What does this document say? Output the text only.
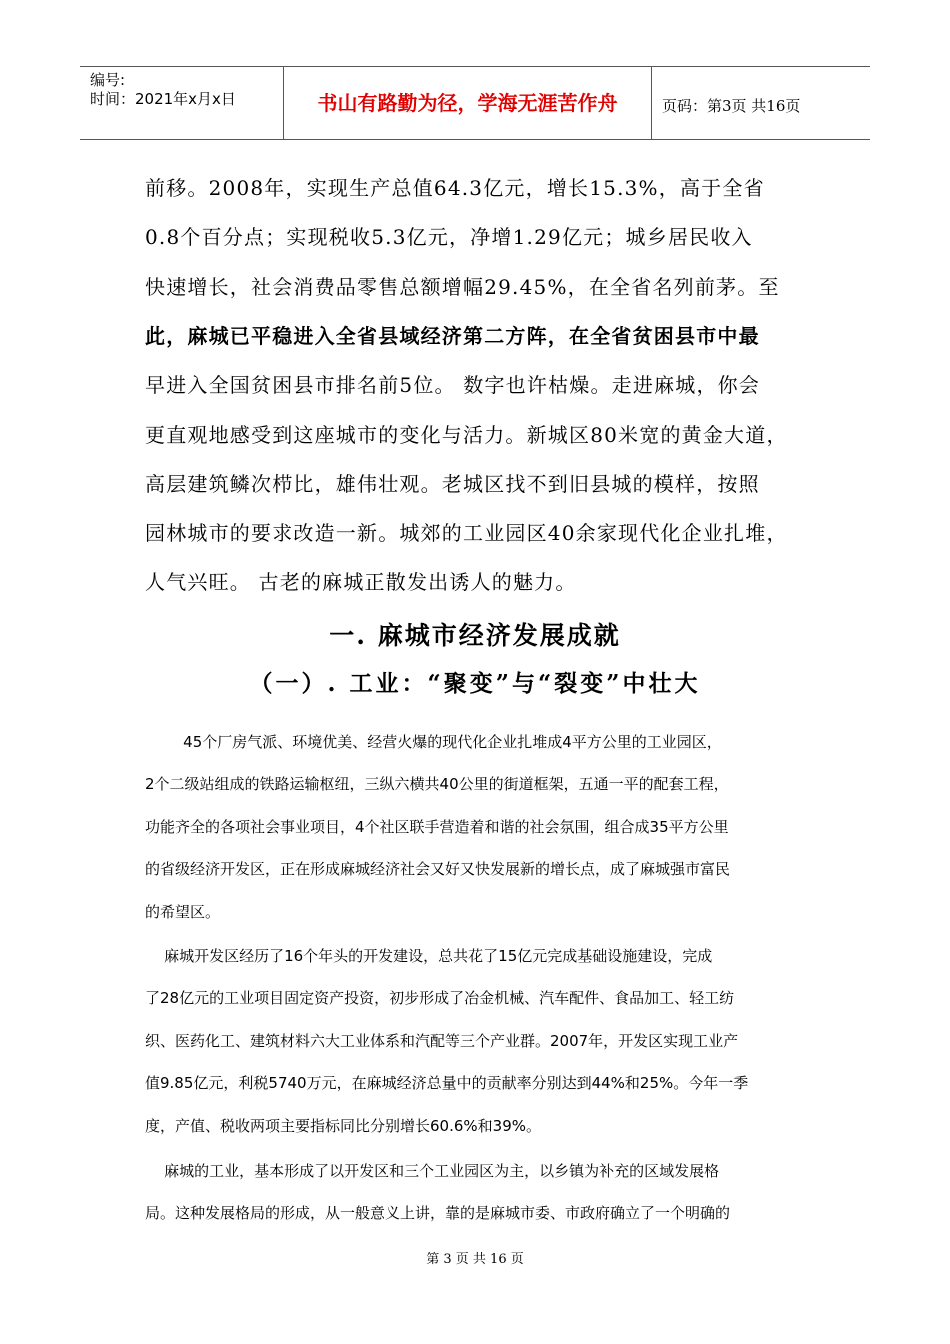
编号:
时间：2021年x月x日	书山有路勤为径，学海无涯苦作舟	页码：第3页 共16页
前移。2008年，实现生产总值64.3亿元，增长15.3%，高于全省
0.8个百分点；实现税收5.3亿元，净增1.29亿元；城乡居民收入
快速增长，社会消费品零售总额增幅29.45%，在全省名列前茅。至
此，麻城已平稳进入全省县域经济第二方阵，在全省贫困县市中最
早进入全国贫困县市排名前5位。 数字也许枯燥。走进麻城，你会
更直观地感受到这座城市的变化与活力。新城区80米宽的黄金大道，
高层建筑鳞次栉比，雄伟壮观。老城区找不到旧县城的模样，按照
园林城市的要求改造一新。城郊的工业园区40余家现代化企业扎堆，
人气兴旺。 古老的麻城正散发出诱人的魅力。
一. 麻城市经济发展成就
（一）. 工业：“聚变”与“裂变”中壮大
45个厂房气派、环境优美、经营火爆的现代化企业扎堆成4平方公里的工业园区，
2个二级站组成的铁路运输枢纽，三纵六横共40公里的街道框架，五通一平的配套工程，
功能齐全的各项社会事业项目，4个社区联手营造着和谐的社会氛围，组合成35平方公里
的省级经济开发区，正在形成麻城经济社会又好又快发展新的增长点，成了麻城强市富民
的希望区。
麻城开发区经历了16个年头的开发建设，总共花了15亿元完成基础设施建设，完成
了28亿元的工业项目固定资产投资，初步形成了冶金机械、汽车配件、食品加工、轻工纺
织、医药化工、建筑材料六大工业体系和汽配等三个产业群。2007年，开发区实现工业产
值9.85亿元，利税5740万元，在麻城经济总量中的贡献率分别达到44%和25%。今年一季
度，产值、税收两项主要指标同比分别增长60.6%和39%。
麻城的工业，基本形成了以开发区和三个工业园区为主，以乡镇为补充的区域发展格
局。这种发展格局的形成，从一般意义上讲，靠的是麻城市委、市政府确立了一个明确的
第 3 页 共 16 页
